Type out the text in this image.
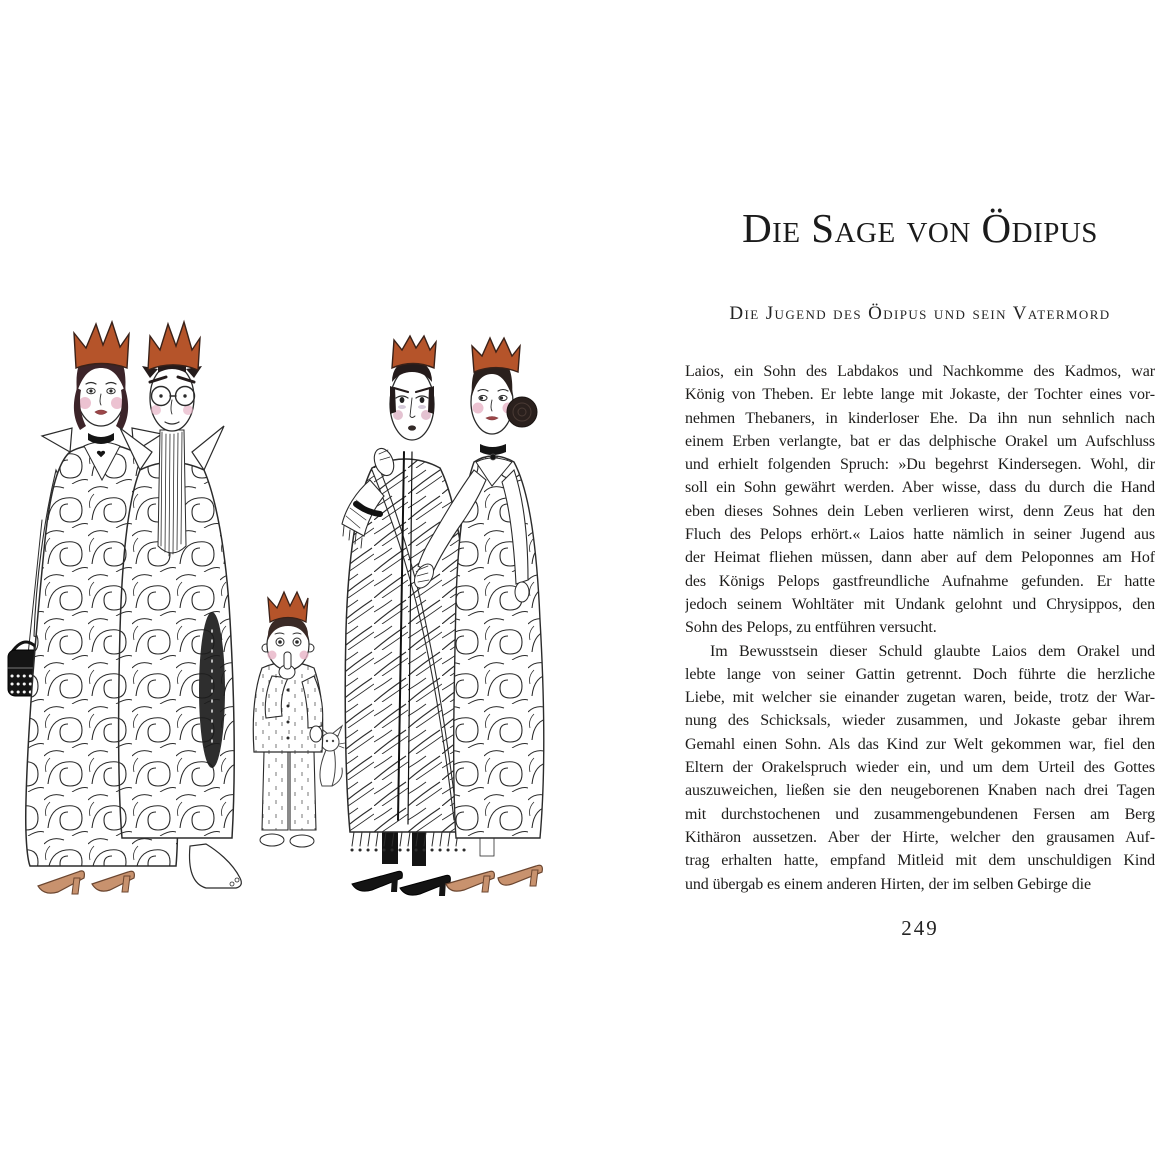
Die Sage von Ödipus
Die Jugend des Ödipus und sein Vatermord
Laios, ein Sohn des Labdakos und Nachkomme des Kadmos, war
König von Theben. Er lebte lange mit Jokaste, der Tochter eines vor-
nehmen Thebaners, in kinderloser Ehe. Da ihn nun sehnlich nach
einem Erben verlangte, bat er das delphische Orakel um Aufschluss
und erhielt folgenden Spruch: »Du begehrst Kindersegen. Wohl, dir
soll ein Sohn gewährt werden. Aber wisse, dass du durch die Hand
eben dieses Sohnes dein Leben verlieren wirst, denn Zeus hat den
Fluch des Pelops erhört.« Laios hatte nämlich in seiner Jugend aus
der Heimat fliehen müssen, dann aber auf dem Peloponnes am Hof
des Königs Pelops gastfreundliche Aufnahme gefunden. Er hatte
jedoch seinem Wohltäter mit Undank gelohnt und Chrysippos, den
Sohn des Pelops, zu entführen versucht.
Im Bewusstsein dieser Schuld glaubte Laios dem Orakel und
lebte lange von seiner Gattin getrennt. Doch führte die herzliche
Liebe, mit welcher sie einander zugetan waren, beide, trotz der War-
nung des Schicksals, wieder zusammen, und Jokaste gebar ihrem
Gemahl einen Sohn. Als das Kind zur Welt gekommen war, fiel den
Eltern der Orakelspruch wieder ein, und um dem Urteil des Gottes
auszuweichen, ließen sie den neugeborenen Knaben nach drei Tagen
mit durchstochenen und zusammengebundenen Fersen am Berg
Kithäron aussetzen. Aber der Hirte, welcher den grausamen Auf-
trag erhalten hatte, empfand Mitleid mit dem unschuldigen Kind
und übergab es einem anderen Hirten, der im selben Gebirge die
249
